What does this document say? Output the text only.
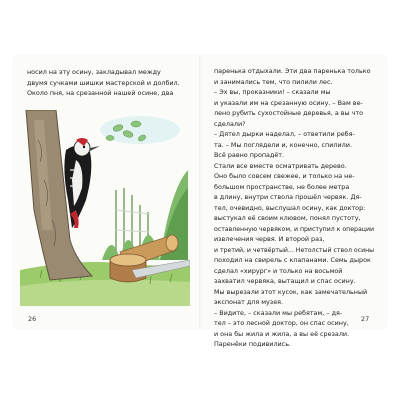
носил на эту осину, закладывал между
двумя сучками шишки мастерской и долбил.
Около пня, на срезанной нашей осине, два
26
паренька отдыхали. Эти два паренька только
и занимались тем, что пилили лес.
– Эх вы, проказники! – сказали мы
и указали им на срезанную осину. – Вам ве-
лено рубить сухостойные деревья, а вы что
сделали?
– Дятел дырки наделал, – ответили ребя-
та. – Мы поглядели и, конечно, спилили.
Всё равно пропадёт.
Стали все вместе осматривать дерево.
Оно было совсем свежее, и только на не-
большом пространстве, не более метра
в длину, внутри ствола прошёл червяк. Дя-
тел, очевидно, выслушал осину, как доктор:
выстукал её своим клювом, понял пустоту,
оставленную червяком, и приступил к операции
извлечения червя. И второй раз,
и третий, и четвёртый... Нетолстый ствол осины
походил на свирель с клапанами. Семь дырок
сделал «хирург» и только на восьмой
захватил червяка, вытащил и спас осину.
Мы вырезали этот кусок, как замечательный
экспонат для музея.
– Видите, – сказали мы ребятам, – дя-
тел – это лесной доктор, он спас осину,
и она бы жила и жила, а вы её срезали.
Паренёки подивились.
27
